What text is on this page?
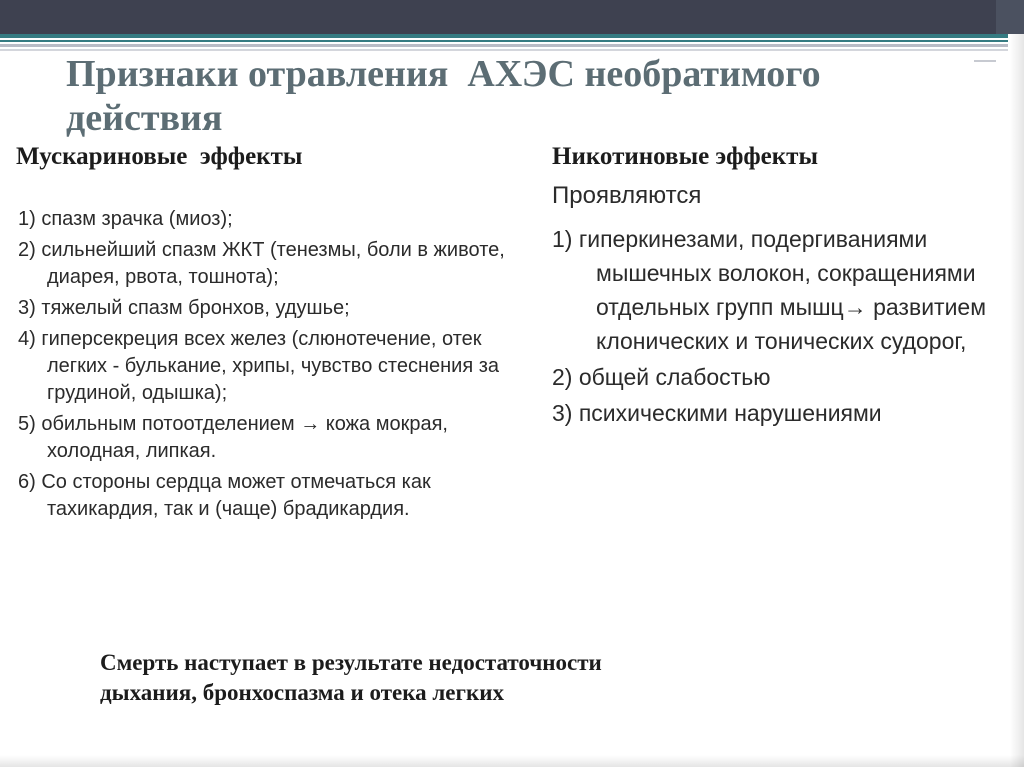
Признаки отравления  АХЭС необратимого
действия
Мускариновые  эффекты
1) спазм зрачка (миоз);
2) сильнейший спазм ЖКТ (тенезмы, боли в животе, диарея, рвота, тошнота);
3) тяжелый спазм бронхов, удушье;
4) гиперсекреция всех желез (слюнотечение, отек легких - булькание, хрипы, чувство стеснения за грудиной, одышка);
5) обильным потоотделением → кожа мокрая, холодная, липкая.
6) Со стороны сердца может отмечаться как тахикардия, так и (чаще) брадикардия.
Никотиновые эффекты
Проявляются
1) гиперкинезами, подергиваниями мышечных волокон, сокращениями отдельных групп мышц→ развитием клонических и тонических судорог,
2) общей слабостью
3) психическими нарушениями
Смерть наступает в результате недостаточности
дыхания, бронхоспазма и отека легких
